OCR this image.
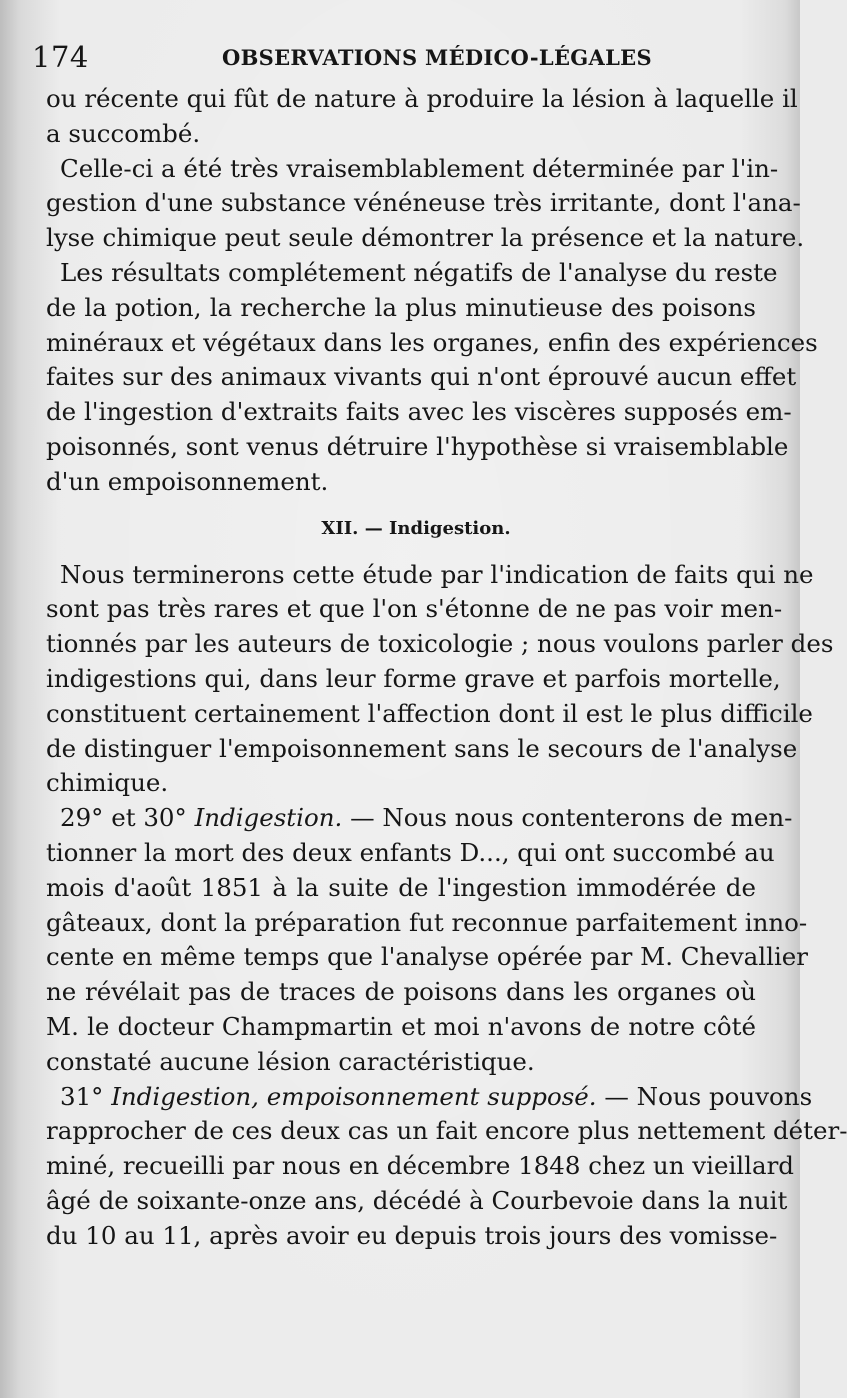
174	OBSERVATIONS MÉDICO-LÉGALES
ou récente qui fût de nature à produire la lésion à laquelle il
a succombé.
Celle-ci a été très vraisemblablement déterminée par l'in-
gestion d'une substance vénéneuse très irritante, dont l'ana-
lyse chimique peut seule démontrer la présence et la nature.
Les résultats complétement négatifs de l'analyse du reste
de la potion, la recherche la plus minutieuse des poisons
minéraux et végétaux dans les organes, enfin des expériences
faites sur des animaux vivants qui n'ont éprouvé aucun effet
de l'ingestion d'extraits faits avec les viscères supposés em-
poisonnés, sont venus détruire l'hypothèse si vraisemblable
d'un empoisonnement.
XII. — Indigestion.
Nous terminerons cette étude par l'indication de faits qui ne
sont pas très rares et que l'on s'étonne de ne pas voir men-
tionnés par les auteurs de toxicologie ; nous voulons parler des
indigestions qui, dans leur forme grave et parfois mortelle,
constituent certainement l'affection dont il est le plus difficile
de distinguer l'empoisonnement sans le secours de l'analyse
chimique.
29° et 30° Indigestion. — Nous nous contenterons de men-
tionner la mort des deux enfants D..., qui ont succombé au
mois d'août 1851 à la suite de l'ingestion immodérée de
gâteaux, dont la préparation fut reconnue parfaitement inno-
cente en même temps que l'analyse opérée par M. Chevallier
ne révélait pas de traces de poisons dans les organes où
M. le docteur Champmartin et moi n'avons de notre côté
constaté aucune lésion caractéristique.
31° Indigestion, empoisonnement supposé. — Nous pouvons
rapprocher de ces deux cas un fait encore plus nettement déter-
miné, recueilli par nous en décembre 1848 chez un vieillard
âgé de soixante-onze ans, décédé à Courbevoie dans la nuit
du 10 au 11, après avoir eu depuis trois jours des vomisse-
